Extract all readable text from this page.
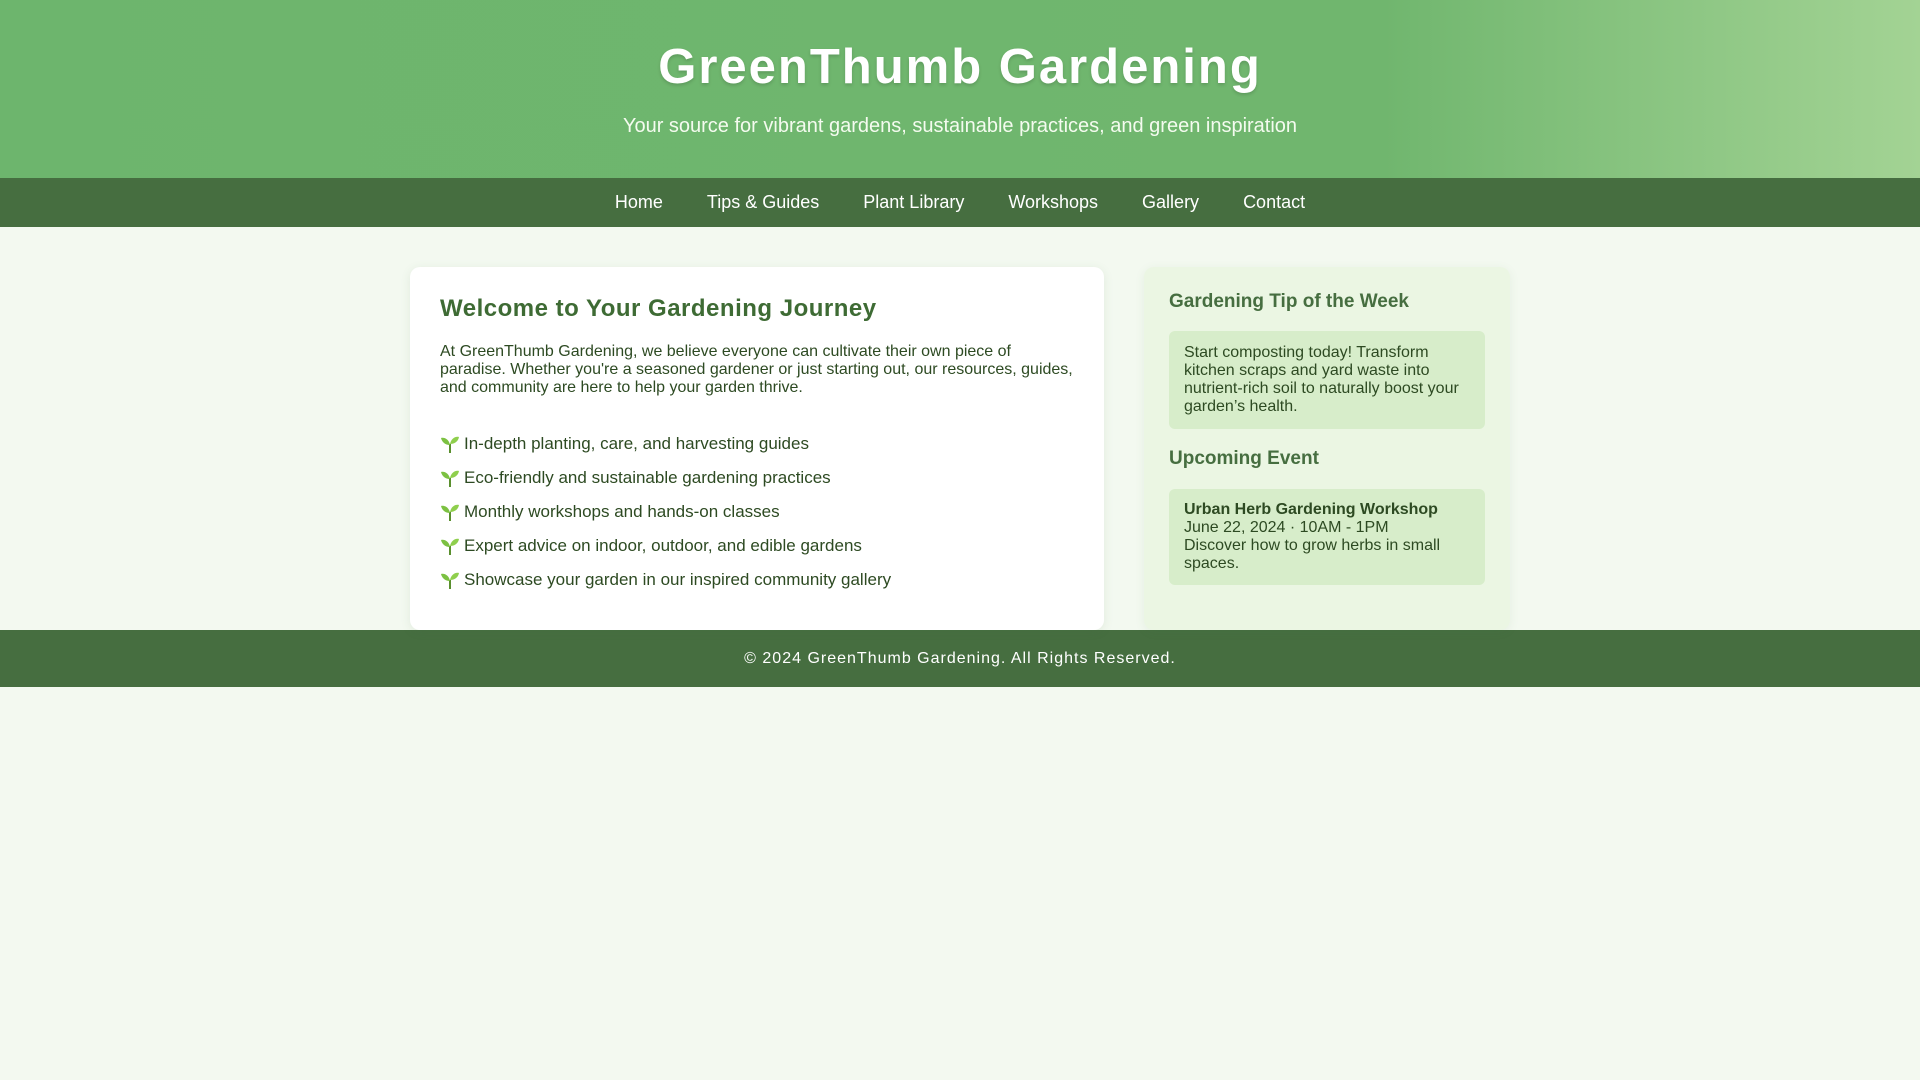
GreenThumb Gardening

Your source for vibrant gardens, sustainable practices, and green inspiration

Home	Tips & Guides	Plant Library	Workshops	Gallery	Contact
Welcome to Your Gardening Journey

At GreenThumb Gardening, we believe everyone can cultivate their own piece of paradise. Whether you're a seasoned gardener or just starting out, our resources, guides, and community are here to help your garden thrive.

In-depth planting, care, and harvesting guides
Eco-friendly and sustainable gardening practices
Monthly workshops and hands-on classes
Expert advice on indoor, outdoor, and edible gardens
Showcase your garden in our inspired community gallery
Gardening Tip of the Week
Start composting today! Transform kitchen scraps and yard waste into nutrient-rich soil to naturally boost your garden’s health.
Upcoming Event
Urban Herb Gardening Workshop
June 22, 2024 · 10AM - 1PM
Discover how to grow herbs in small spaces.
© 2024 GreenThumb Gardening. All Rights Reserved.
